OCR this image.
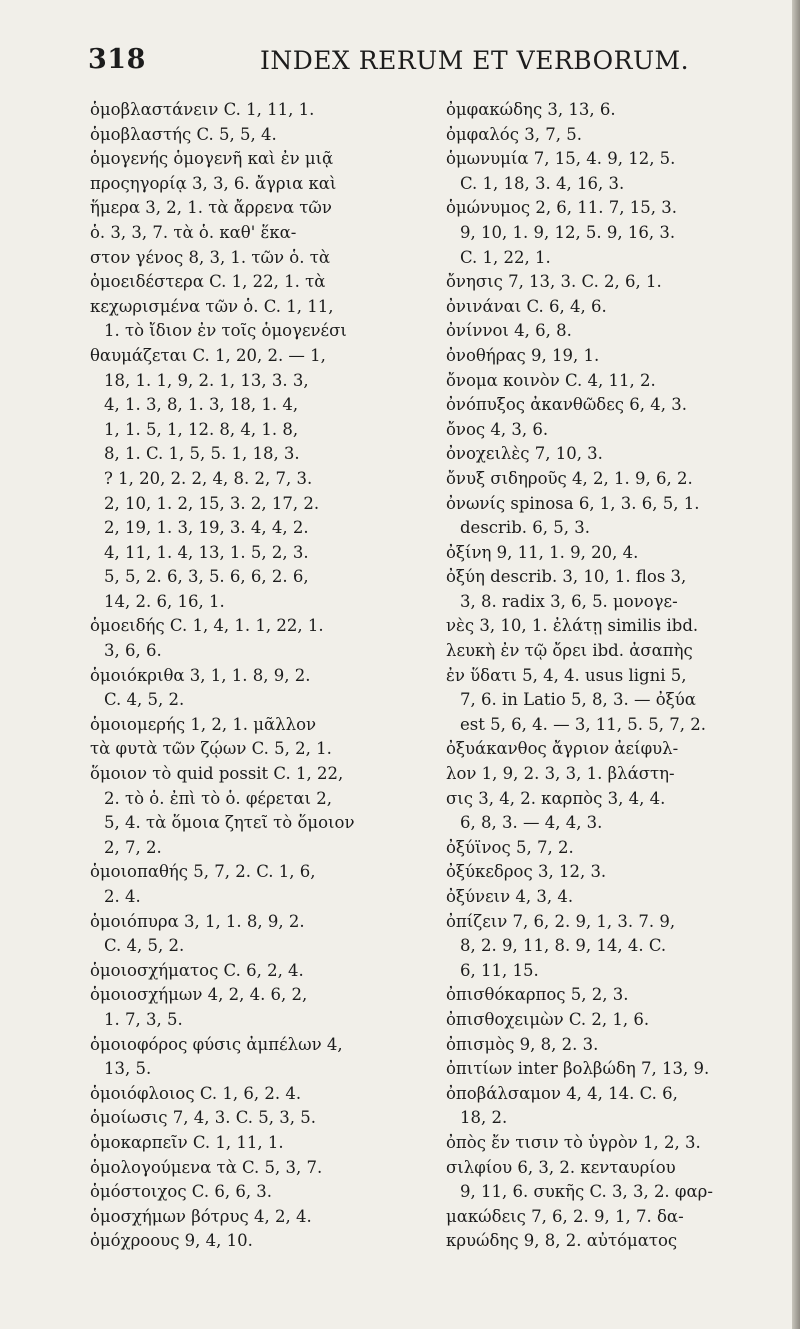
318	INDEX RERUM ET VERBORUM.
ὁμοβλαστάνειν C. 1, 11, 1.
ὁμοβλαστής C. 5, 5, 4.
ὁμογενής ὁμογενῆ καὶ ἐν μιᾷ
προςηγορίᾳ 3, 3, 6. ἄγρια καὶ
ἥμερα 3, 2, 1. τὰ ἄρρενα τῶν
ὁ. 3, 3, 7. τὰ ὁ. καθ' ἕκα-
στον γένος 8, 3, 1. τῶν ὁ. τὰ
ὁμοειδέστερα C. 1, 22, 1. τὰ
κεχωρισμένα τῶν ὁ. C. 1, 11,
1. τὸ ἴδιον ἐν τοῖς ὁμογενέσι
θαυμάζεται C. 1, 20, 2. — 1,
18, 1. 1, 9, 2. 1, 13, 3. 3,
4, 1. 3, 8, 1. 3, 18, 1. 4,
1, 1. 5, 1, 12. 8, 4, 1. 8,
8, 1. C. 1, 5, 5. 1, 18, 3.
? 1, 20, 2. 2, 4, 8. 2, 7, 3.
2, 10, 1. 2, 15, 3. 2, 17, 2.
2, 19, 1. 3, 19, 3. 4, 4, 2.
4, 11, 1. 4, 13, 1. 5, 2, 3.
5, 5, 2. 6, 3, 5. 6, 6, 2. 6,
14, 2. 6, 16, 1.
ὁμοειδής C. 1, 4, 1. 1, 22, 1.
3, 6, 6.
ὁμοιόκριθα 3, 1, 1. 8, 9, 2.
C. 4, 5, 2.
ὁμοιομερής 1, 2, 1. μᾶλλον
τὰ φυτὰ τῶν ζῴων C. 5, 2, 1.
ὅμοιον τὸ quid possit C. 1, 22,
2. τὸ ὁ. ἐπὶ τὸ ὁ. φέρεται 2,
5, 4. τὰ ὅμοια ζητεῖ τὸ ὅμοιον
2, 7, 2.
ὁμοιοπαθής 5, 7, 2. C. 1, 6,
2. 4.
ὁμοιόπυρα 3, 1, 1. 8, 9, 2.
C. 4, 5, 2.
ὁμοιοσχήματος C. 6, 2, 4.
ὁμοιοσχήμων 4, 2, 4. 6, 2,
1. 7, 3, 5.
ὁμοιοφόρος φύσις ἀμπέλων 4,
13, 5.
ὁμοιόφλοιος C. 1, 6, 2. 4.
ὁμοίωσις 7, 4, 3. C. 5, 3, 5.
ὁμοκαρπεῖν C. 1, 11, 1.
ὁμολογούμενα τὰ C. 5, 3, 7.
ὁμόστοιχος C. 6, 6, 3.
ὁμοσχήμων βότρυς 4, 2, 4.
ὁμόχροους 9, 4, 10.
ὀμφακώδης 3, 13, 6.
ὀμφαλός 3, 7, 5.
ὁμωνυμία 7, 15, 4. 9, 12, 5.
C. 1, 18, 3. 4, 16, 3.
ὁμώνυμος 2, 6, 11. 7, 15, 3.
9, 10, 1. 9, 12, 5. 9, 16, 3.
C. 1, 22, 1.
ὄνησις 7, 13, 3. C. 2, 6, 1.
ὀνινάναι C. 6, 4, 6.
ὀνίννοι 4, 6, 8.
ὀνοθήρας 9, 19, 1.
ὄνομα κοινὸν C. 4, 11, 2.
ὀνόπυξος ἀκανθῶδες 6, 4, 3.
ὄνος 4, 3, 6.
ὀνοχειλὲς 7, 10, 3.
ὄνυξ σιδηροῦς 4, 2, 1. 9, 6, 2.
ὀνωνίς spinosa 6, 1, 3. 6, 5, 1.
describ. 6, 5, 3.
ὀξίνη 9, 11, 1. 9, 20, 4.
ὀξύη describ. 3, 10, 1. flos 3,
3, 8. radix 3, 6, 5. μονογε-
νὲς 3, 10, 1. ἐλάτῃ similis ibd.
λευκὴ ἐν τῷ ὄρει ibd. ἀσαπὴς
ἐν ὕδατι 5, 4, 4. usus ligni 5,
7, 6. in Latio 5, 8, 3. — ὀξύα
est 5, 6, 4. — 3, 11, 5. 5, 7, 2.
ὀξυάκανθος ἄγριον ἀείφυλ-
λον 1, 9, 2. 3, 3, 1. βλάστη-
σις 3, 4, 2. καρπὸς 3, 4, 4.
6, 8, 3. — 4, 4, 3.
ὀξύϊνος 5, 7, 2.
ὀξύκεδρος 3, 12, 3.
ὀξύνειν 4, 3, 4.
ὀπίζειν 7, 6, 2. 9, 1, 3. 7. 9,
8, 2. 9, 11, 8. 9, 14, 4. C.
6, 11, 15.
ὀπισθόκαρπος 5, 2, 3.
ὀπισθοχειμὼν C. 2, 1, 6.
ὀπισμὸς 9, 8, 2. 3.
ὀπιτίων inter βολβώδη 7, 13, 9.
ὀποβάλσαμον 4, 4, 14. C. 6,
18, 2.
ὀπὸς ἔν τισιν τὸ ὑγρὸν 1, 2, 3.
σιλφίου 6, 3, 2. κενταυρίου
9, 11, 6. συκῆς C. 3, 3, 2. φαρ-
μακώδεις 7, 6, 2. 9, 1, 7. δα-
κρυώδης 9, 8, 2. αὐτόματος
